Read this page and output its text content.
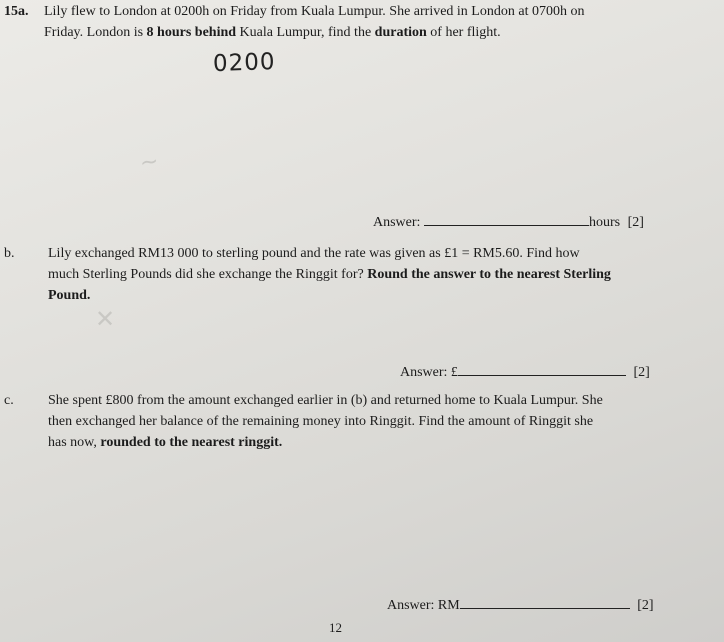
~
✕
15a. Lily flew to London at 0200h on Friday from Kuala Lumpur. She arrived in London at 0700h on
Friday. London is 8 hours behind Kuala Lumpur, find the duration of her flight.
0200
Answer:	hours [2]
b. Lily exchanged RM13 000 to sterling pound and the rate was given as £1 = RM5.60. Find how
much Sterling Pounds did she exchange the Ringgit for? Round the answer to the nearest Sterling
Pound.
Answer: £	[2]
c. She spent £800 from the amount exchanged earlier in (b) and returned home to Kuala Lumpur. She
then exchanged her balance of the remaining money into Ringgit. Find the amount of Ringgit she
has now, rounded to the nearest ringgit.
Answer: RM	[2]
12
